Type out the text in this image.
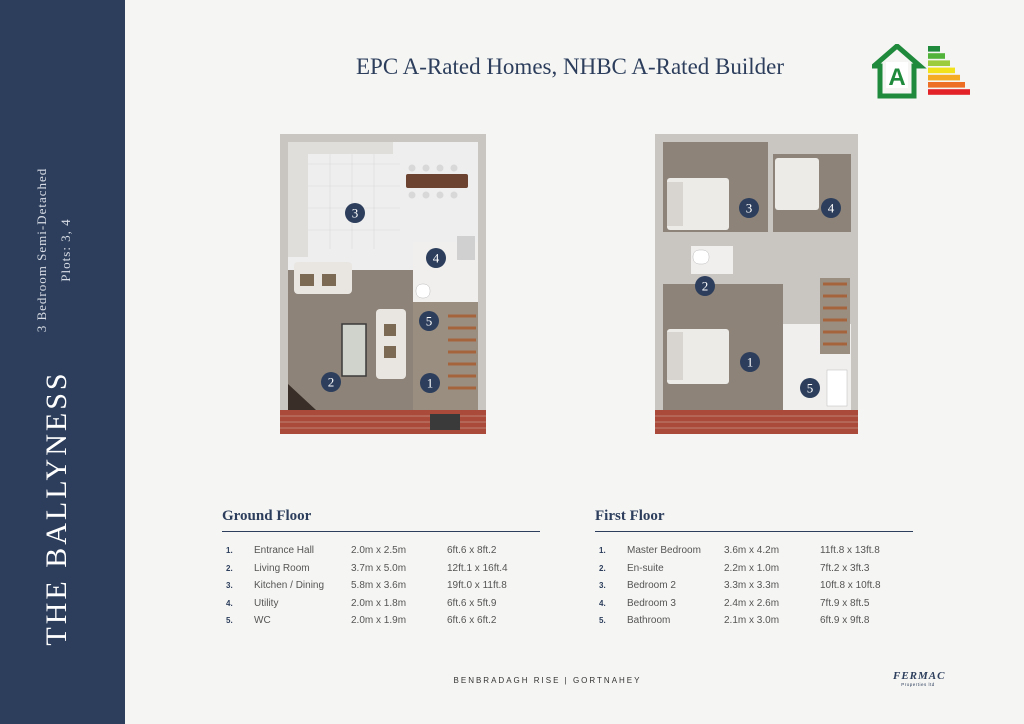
THE BALLYNESS
3 Bedroom Semi-Detached Plots: 3, 4
EPC A-Rated Homes, NHBC A-Rated Builder	A
3
4
5
2	1
3	4
2
1
5
Ground Floor
1.	Entrance Hall	2.0m x 2.5m	6ft.6 x 8ft.2
2.	Living Room	3.7m x 5.0m	12ft.1 x 16ft.4
3.	Kitchen / Dining	5.8m x 3.6m	19ft.0 x 11ft.8
4.	Utility	2.0m x 1.8m	6ft.6 x 5ft.9
5.	WC	2.0m x 1.9m	6ft.6 x 6ft.2
First Floor
1.	Master Bedroom	3.6m x 4.2m	11ft.8 x 13ft.8
2.	En-suite	2.2m x 1.0m	7ft.2 x 3ft.3
3.	Bedroom 2	3.3m x 3.3m	10ft.8 x 10ft.8
4.	Bedroom 3	2.4m x 2.6m	7ft.9 x 8ft.5
5.	Bathroom	2.1m x 3.0m	6ft.9 x 9ft.8
BENBRADAGH RISE | GORTNAHEY	FERMAC
Properties ltd
